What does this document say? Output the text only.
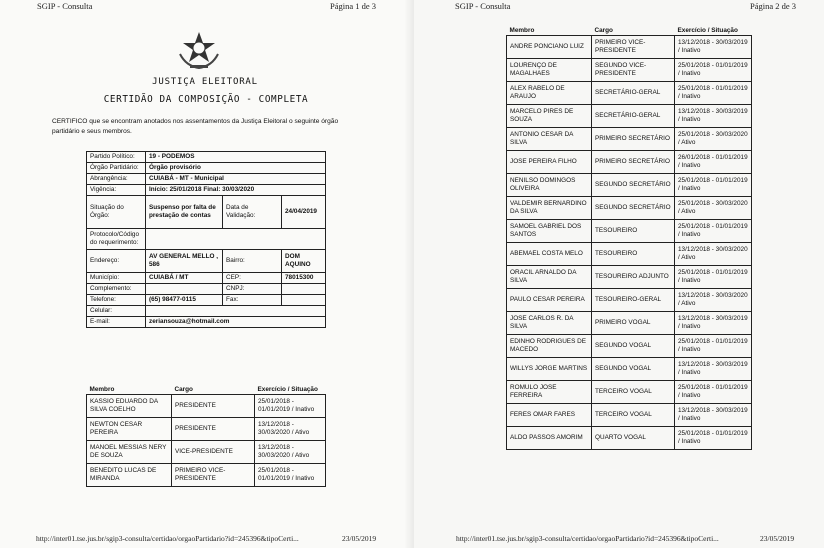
SGIP - Consulta	Página 1 de 3
JUSTIÇA ELEITORAL
CERTIDÃO DA COMPOSIÇÃO - COMPLETA
CERTIFICO que se encontram anotados nos assentamentos da Justiça Eleitoral o seguinte órgão partidário e seus membros.
Partido Político:	19 - PODEMOS		
Órgão Partidário:	Órgão provisório		
Abrangência:	CUIABÁ - MT - Municipal		
Vigência:	Início: 25/01/2018 Final: 30/03/2020		
Situação do Órgão:	Suspenso por falta de prestação de contas	Data de Validação:	24/04/2019
Protocolo/Código do requerimento:			
Endereço:	AV GENERAL MELLO , 586	Bairro:	DOM AQUINO
Município:	CUIABÁ / MT	CEP:	78015300
Complemento:		CNPJ:	
Telefone:	(65) 98477-0115	Fax:	
Celular:			
E-mail:	zeriansouza@hotmail.com		
Membro	Cargo	Exercício / Situação
KASSIO EDUARDO DA SILVA COELHO	PRESIDENTE	25/01/2018 - 01/01/2019 / Inativo
NEWTON CESAR PEREIRA	PRESIDENTE	13/12/2018 - 30/03/2020 / Ativo
MANOEL MESSIAS NERY DE SOUZA	VICE-PRESIDENTE	13/12/2018 - 30/03/2020 / Ativo
BENEDITO LUCAS DE MIRANDA	PRIMEIRO VICE-PRESIDENTE	25/01/2018 - 01/01/2019 / Inativo
http://inter01.tse.jus.br/sgip3-consulta/certidao/orgaoPartidario?id=245396&tipoCerti...	23/05/2019
SGIP - Consulta	Página 2 de 3
Membro	Cargo	Exercício / Situação
ANDRE PONCIANO LUIZ	PRIMEIRO VICE-PRESIDENTE	13/12/2018 - 30/03/2019 / Inativo
LOURENÇO DE MAGALHAES	SEGUNDO VICE-PRESIDENTE	25/01/2018 - 01/01/2019 / Inativo
ALEX RABELO DE ARAUJO	SECRETÁRIO-GERAL	25/01/2018 - 01/01/2019 / Inativo
MARCELO PIRES DE SOUZA	SECRETÁRIO-GERAL	13/12/2018 - 30/03/2019 / Inativo
ANTONIO CESAR DA SILVA	PRIMEIRO SECRETÁRIO	25/01/2018 - 30/03/2020 / Ativo
JOSE PEREIRA FILHO	PRIMEIRO SECRETÁRIO	26/01/2018 - 01/01/2019 / Inativo
NENILSO DOMINGOS OLIVEIRA	SEGUNDO SECRETÁRIO	25/01/2018 - 01/01/2019 / Inativo
VALDEMIR BERNARDINO DA SILVA	SEGUNDO SECRETÁRIO	25/01/2018 - 30/03/2020 / Ativo
SAMOEL GABRIEL DOS SANTOS	TESOUREIRO	25/01/2018 - 01/01/2019 / Inativo
ABEMAEL COSTA MELO	TESOUREIRO	13/12/2018 - 30/03/2020 / Ativo
ORACIL ARNALDO DA SILVA	TESOUREIRO ADJUNTO	25/01/2018 - 01/01/2019 / Inativo
PAULO CESAR PEREIRA	TESOUREIRO-GERAL	13/12/2018 - 30/03/2020 / Ativo
JOSE CARLOS R. DA SILVA	PRIMEIRO VOGAL	13/12/2018 - 30/03/2019 / Inativo
EDINHO RODRIGUES DE MACEDO	SEGUNDO VOGAL	25/01/2018 - 01/01/2019 / Inativo
WILLYS JORGE MARTINS	SEGUNDO VOGAL	13/12/2018 - 30/03/2019 / Inativo
ROMULO JOSE FERREIRA	TERCEIRO VOGAL	25/01/2018 - 01/01/2019 / Inativo
FERES OMAR FARES	TERCEIRO VOGAL	13/12/2018 - 30/03/2019 / Inativo
ALDO PASSOS AMORIM	QUARTO VOGAL	25/01/2018 - 01/01/2019 / Inativo
http://inter01.tse.jus.br/sgip3-consulta/certidao/orgaoPartidario?id=245396&tipoCerti...	23/05/2019
